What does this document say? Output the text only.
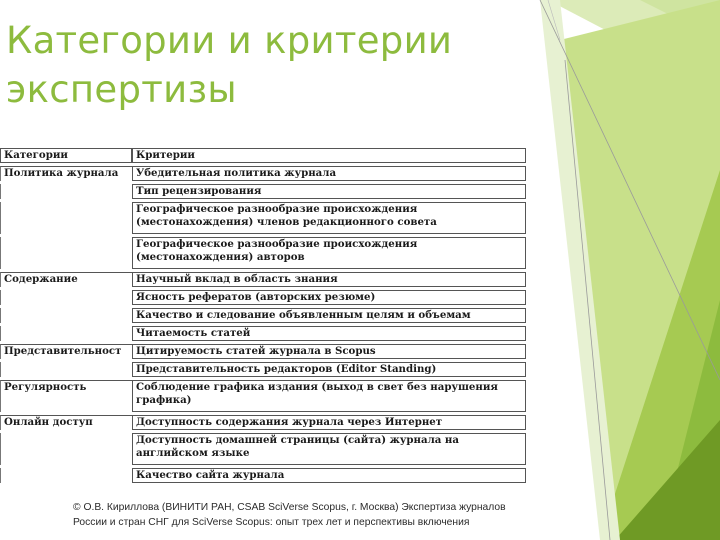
Категории и критерии
экспертизы
Категории	Критерии
Политика журнала	Убедительная политика журнала
	Тип рецензирования
	Географическое разнообразие происхождения (местонахождения) членов редакционного совета
	Географическое разнообразие происхождения (местонахождения) авторов
Содержание	Научный вклад в область знания
	Ясность рефератов (авторских резюме)
	Качество и следование объявленным целям и объемам
	Читаемость статей
Представительност	Цитируемость статей журнала в Scopus
	Представительность редакторов (Editor Standing)
Регулярность	Соблюдение графика издания (выход в свет без нарушения графика)
Онлайн доступ	Доступность содержания журнала через Интернет
	Доступность домашней страницы (сайта) журнала на английском языке
	Качество сайта журнала
© О.В. Кириллова (ВИНИТИ РАН, CSAB SciVerse Scopus, г. Москва) Экспертиза журналов
России и стран СНГ для SciVerse Scopus: опыт трех лет и перспективы включения
